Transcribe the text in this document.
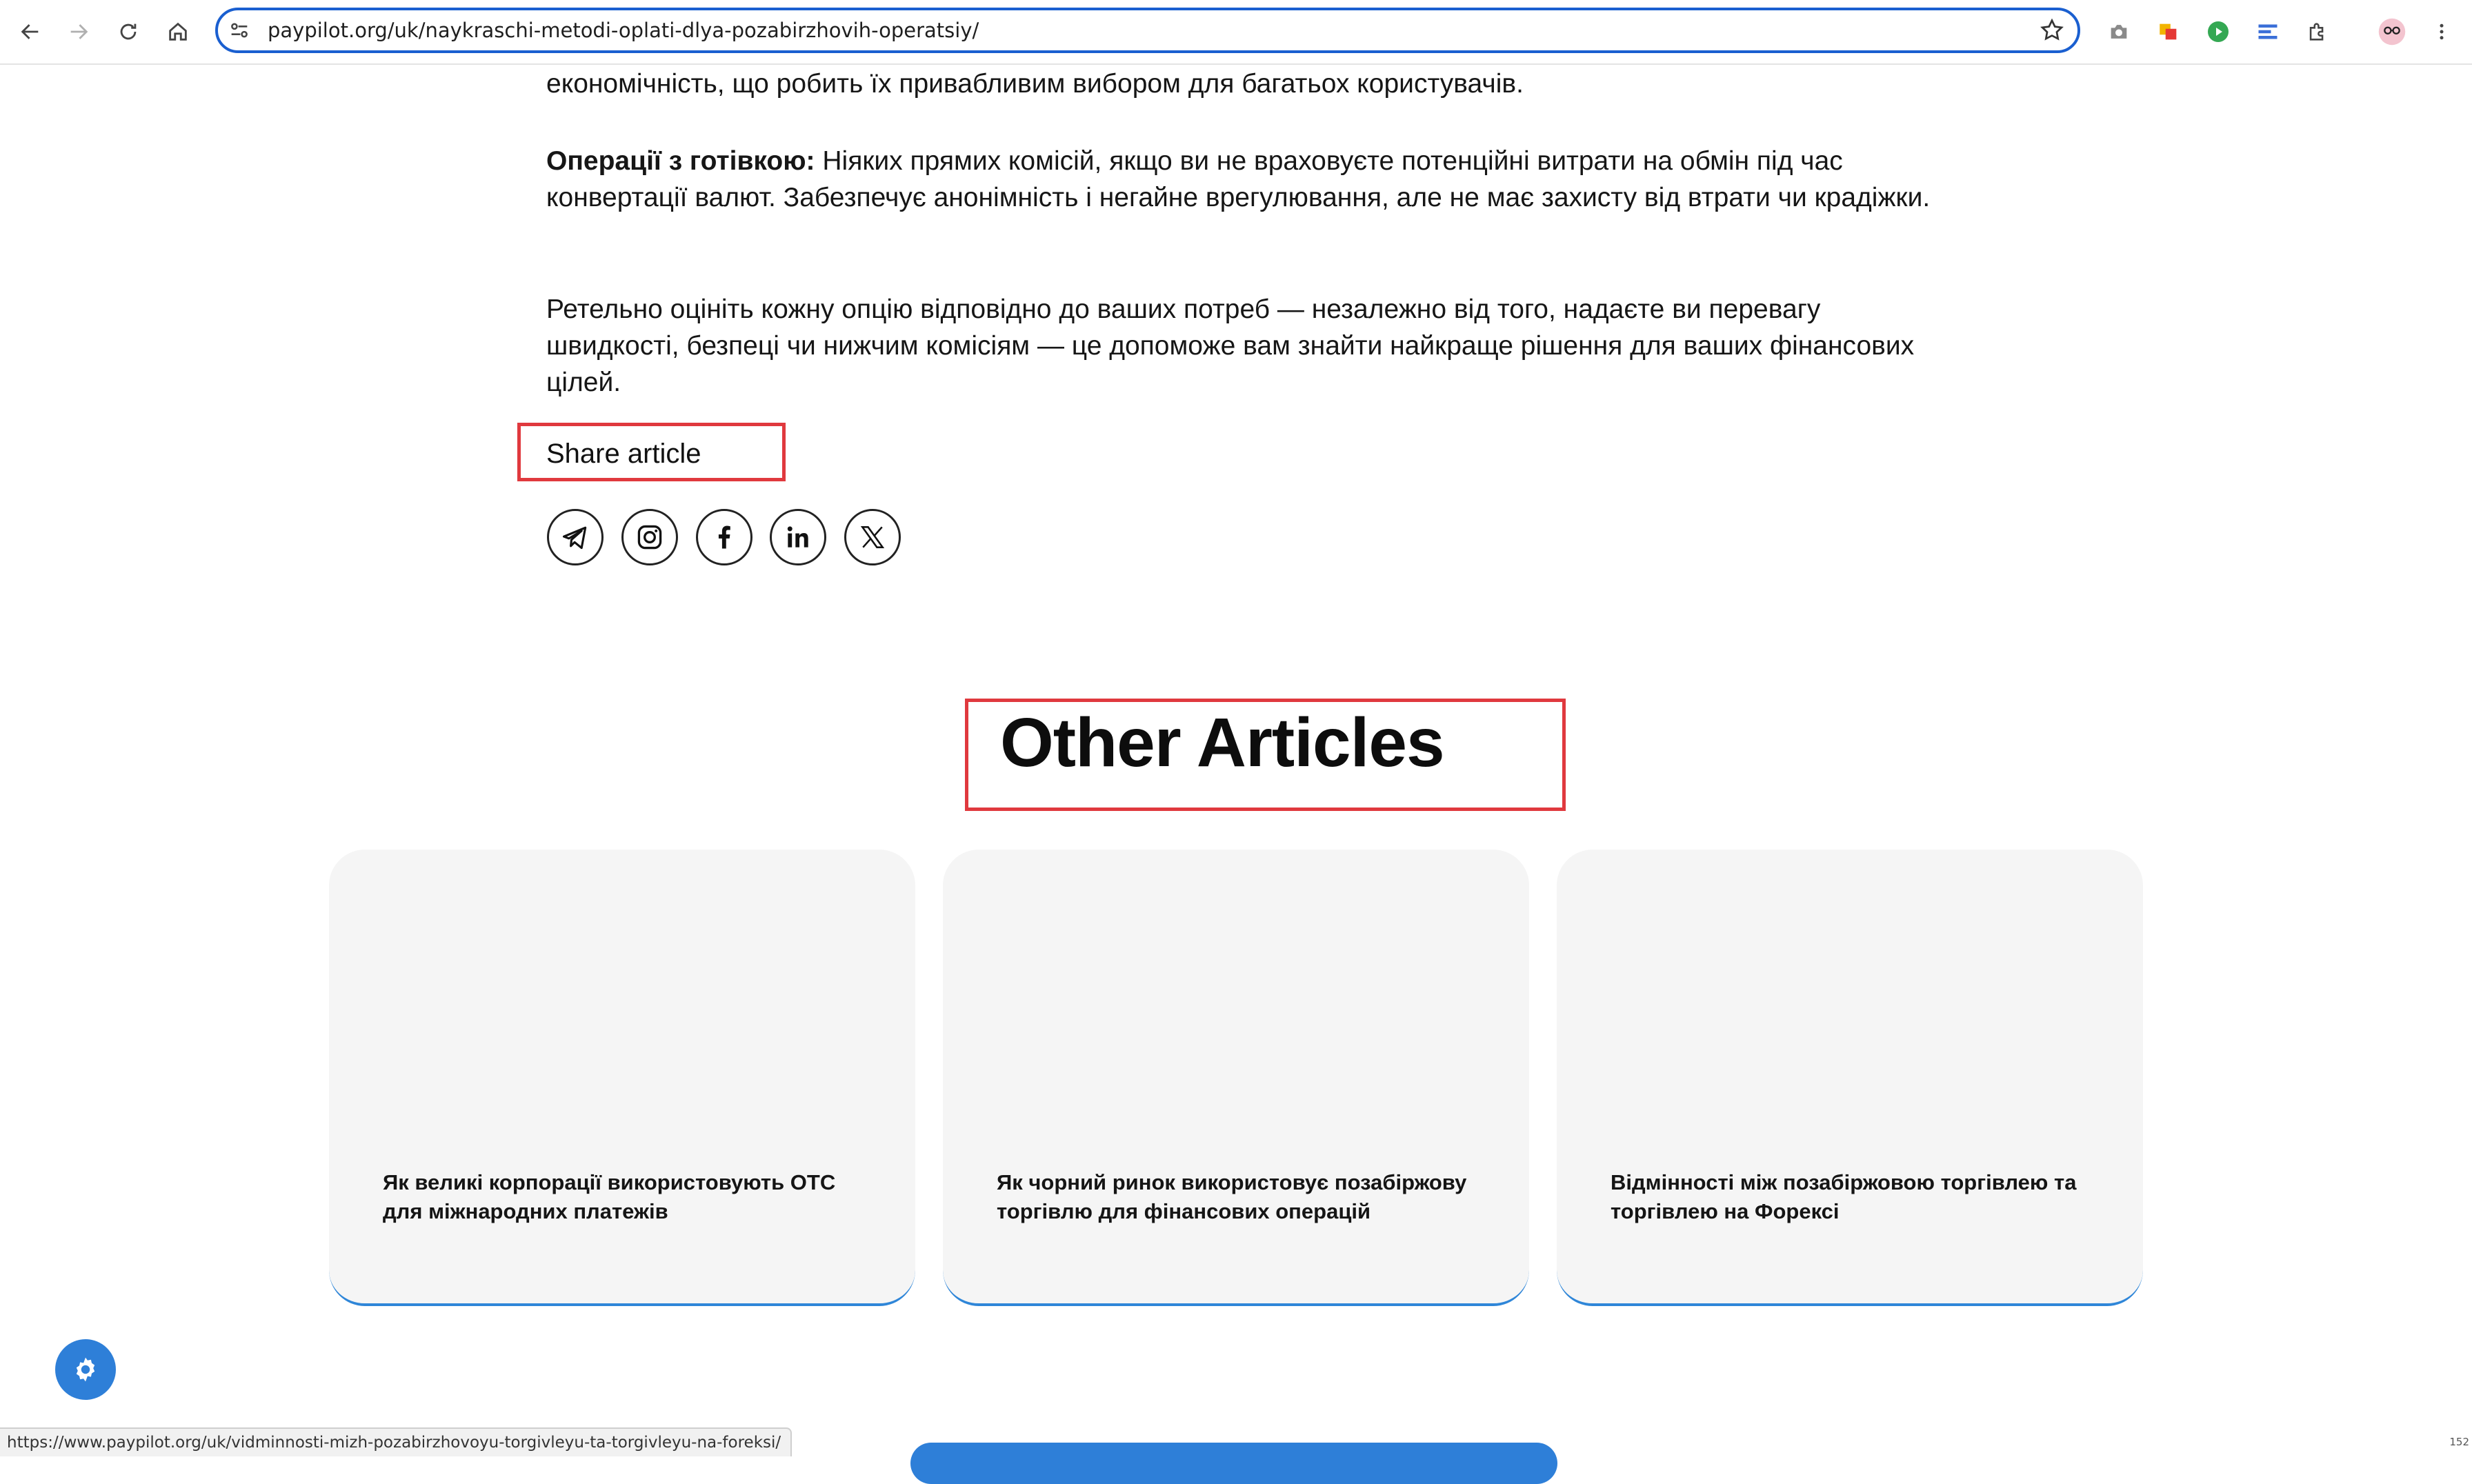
paypilot.org/uk/naykraschi-metodi-oplati-dlya-pozabirzhovih-operatsiy/

економічність, що робить їх привабливим вибором для багатьох користувачів.

Операції з готівкою: Ніяких прямих комісій, якщо ви не враховуєте потенційні витрати на обмін під час конвертації валют. Забезпечує анонімність і негайне врегулювання, але не має захисту від втрати чи крадіжки.

Ретельно оцініть кожну опцію відповідно до ваших потреб — незалежно від того, надаєте ви перевагу швидкості, безпеці чи нижчим комісіям — це допоможе вам знайти найкраще рішення для ваших фінансових цілей.

Share article
Other Articles
Як великі корпорації використовують OTC для міжнародних платежів
Як чорний ринок використовує позабіржову торгівлю для фінансових операцій
Відмінності між позабіржовою торгівлею та торгівлею на Форексі
https://www.paypilot.org/uk/vidminnosti-mizh-pozabirzhovoyu-torgivleyu-ta-torgivleyu-na-foreksi/	152
